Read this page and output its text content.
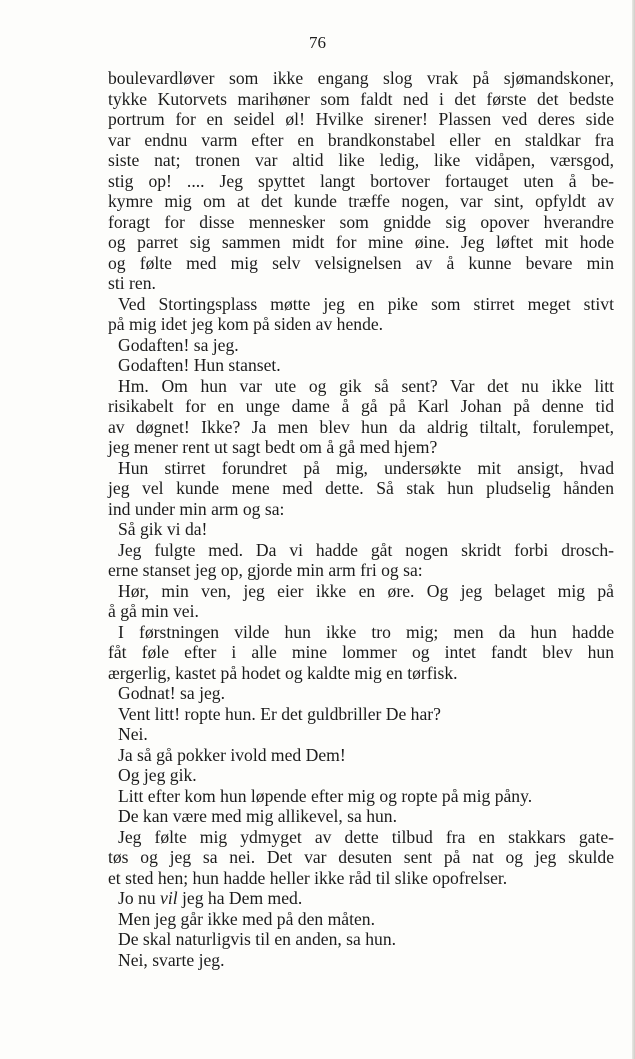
76
boulevardløver som ikke engang slog vrak på sjømandskoner,
tykke Kutorvets marihøner som faldt ned i det første det bedste
portrum for en seidel øl! Hvilke sirener! Plassen ved deres side
var endnu varm efter en brandkonstabel eller en staldkar fra
siste nat; tronen var altid like ledig, like vidåpen, værsgod,
stig op! .... Jeg spyttet langt bortover fortauget uten å be-
kymre mig om at det kunde træffe nogen, var sint, opfyldt av
foragt for disse mennesker som gnidde sig opover hverandre
og parret sig sammen midt for mine øine. Jeg løftet mit hode
og følte med mig selv velsignelsen av å kunne bevare min
sti ren.
Ved Stortingsplass møtte jeg en pike som stirret meget stivt
på mig idet jeg kom på siden av hende.
Godaften! sa jeg.
Godaften! Hun stanset.
Hm. Om hun var ute og gik så sent? Var det nu ikke litt
risikabelt for en unge dame å gå på Karl Johan på denne tid
av døgnet! Ikke? Ja men blev hun da aldrig tiltalt, forulempet,
jeg mener rent ut sagt bedt om å gå med hjem?
Hun stirret forundret på mig, undersøkte mit ansigt, hvad
jeg vel kunde mene med dette. Så stak hun pludselig hånden
ind under min arm og sa:
Så gik vi da!
Jeg fulgte med. Da vi hadde gåt nogen skridt forbi drosch-
erne stanset jeg op, gjorde min arm fri og sa:
Hør, min ven, jeg eier ikke en øre. Og jeg belaget mig på
å gå min vei.
I førstningen vilde hun ikke tro mig; men da hun hadde
fåt føle efter i alle mine lommer og intet fandt blev hun
ærgerlig, kastet på hodet og kaldte mig en tørfisk.
Godnat! sa jeg.
Vent litt! ropte hun. Er det guldbriller De har?
Nei.
Ja så gå pokker ivold med Dem!
Og jeg gik.
Litt efter kom hun løpende efter mig og ropte på mig påny.
De kan være med mig allikevel, sa hun.
Jeg følte mig ydmyget av dette tilbud fra en stakkars gate-
tøs og jeg sa nei. Det var desuten sent på nat og jeg skulde
et sted hen; hun hadde heller ikke råd til slike opofrelser.
Jo nu vil jeg ha Dem med.
Men jeg går ikke med på den måten.
De skal naturligvis til en anden, sa hun.
Nei, svarte jeg.
